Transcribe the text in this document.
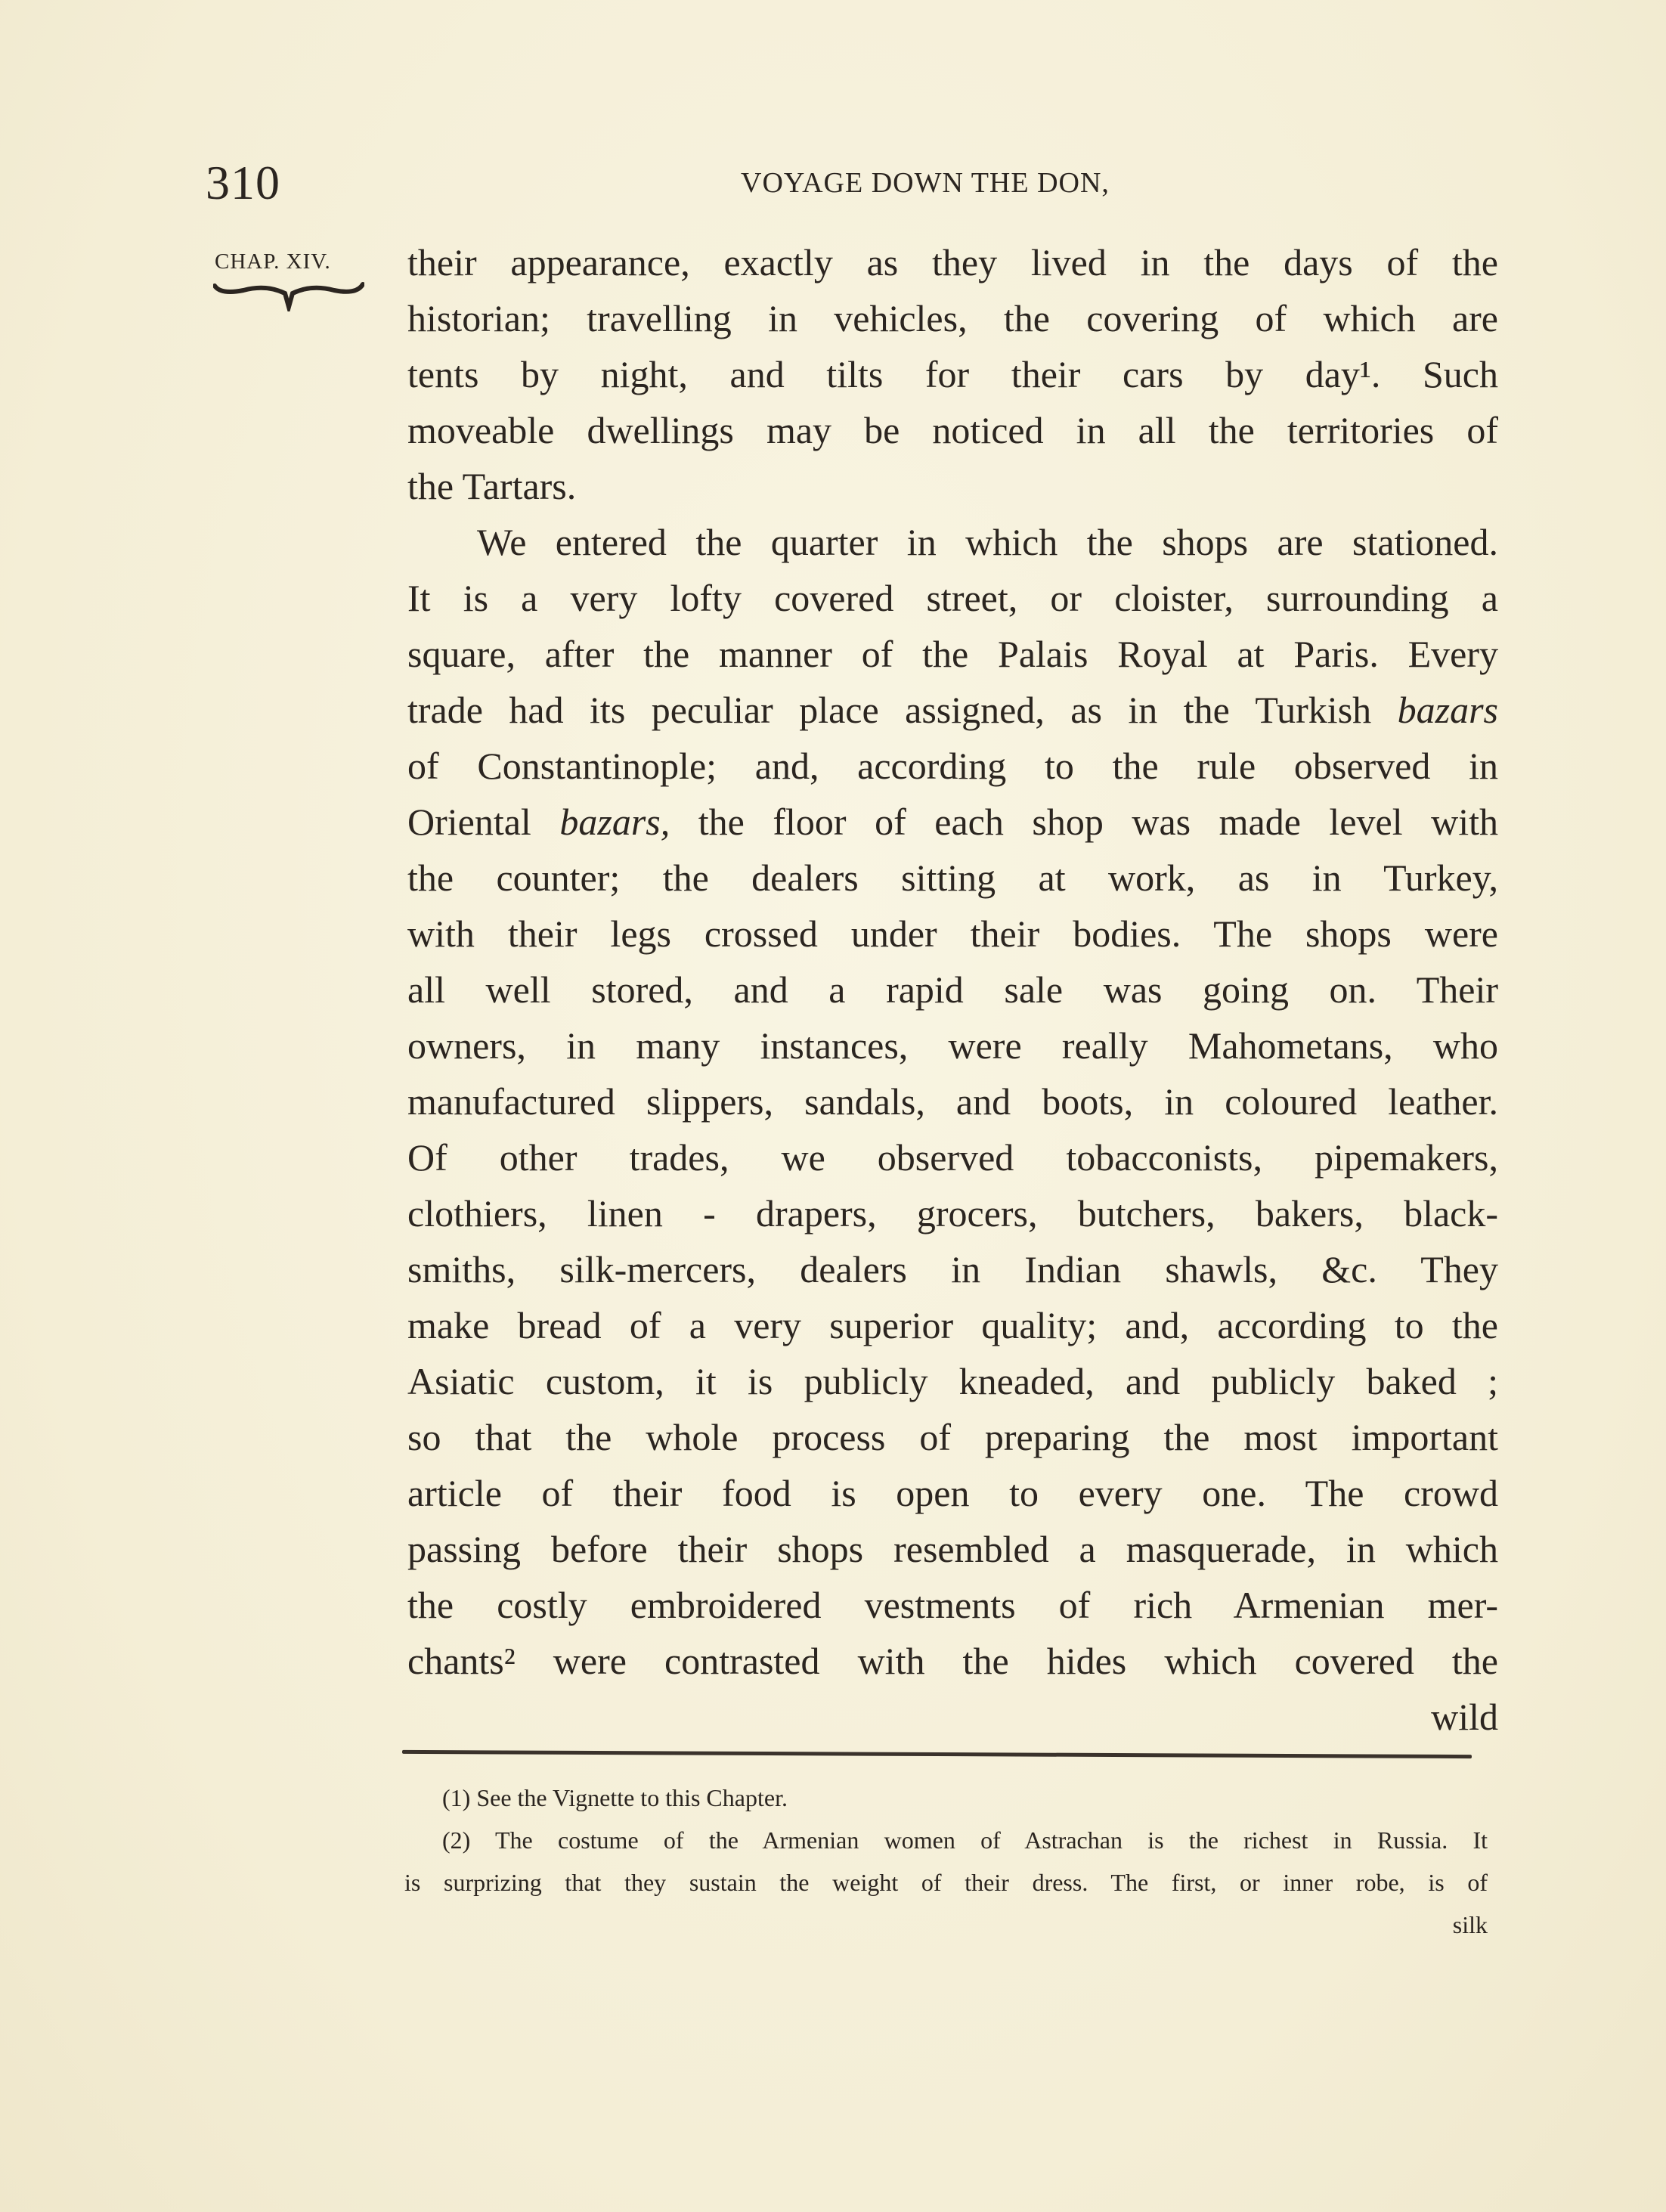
310	VOYAGE DOWN THE DON,
CHAP. XIV. their appearance, exactly as they lived in the days of the
historian; travelling in vehicles, the covering of which are
tents by night, and tilts for their cars by day¹. Such
moveable dwellings may be noticed in all the territories of
the Tartars.
We entered the quarter in which the shops are stationed.
It is a very lofty covered street, or cloister, surrounding a
square, after the manner of the Palais Royal at Paris. Every
trade had its peculiar place assigned, as in the Turkish bazars
of Constantinople; and, according to the rule observed in
Oriental bazars, the floor of each shop was made level with
the counter; the dealers sitting at work, as in Turkey,
with their legs crossed under their bodies. The shops were
all well stored, and a rapid sale was going on. Their
owners, in many instances, were really Mahometans, who
manufactured slippers, sandals, and boots, in coloured leather.
Of other trades, we observed tobacconists, pipemakers,
clothiers, linen - drapers, grocers, butchers, bakers, black-
smiths, silk-mercers, dealers in Indian shawls, &c. They
make bread of a very superior quality; and, according to the
Asiatic custom, it is publicly kneaded, and publicly baked ;
so that the whole process of preparing the most important
article of their food is open to every one. The crowd
passing before their shops resembled a masquerade, in which
the costly embroidered vestments of rich Armenian mer-
chants² were contrasted with the hides which covered the
wild
(1) See the Vignette to this Chapter.
(2) The costume of the Armenian women of Astrachan is the richest in Russia. It
is surprizing that they sustain the weight of their dress. The first, or inner robe, is of
silk
